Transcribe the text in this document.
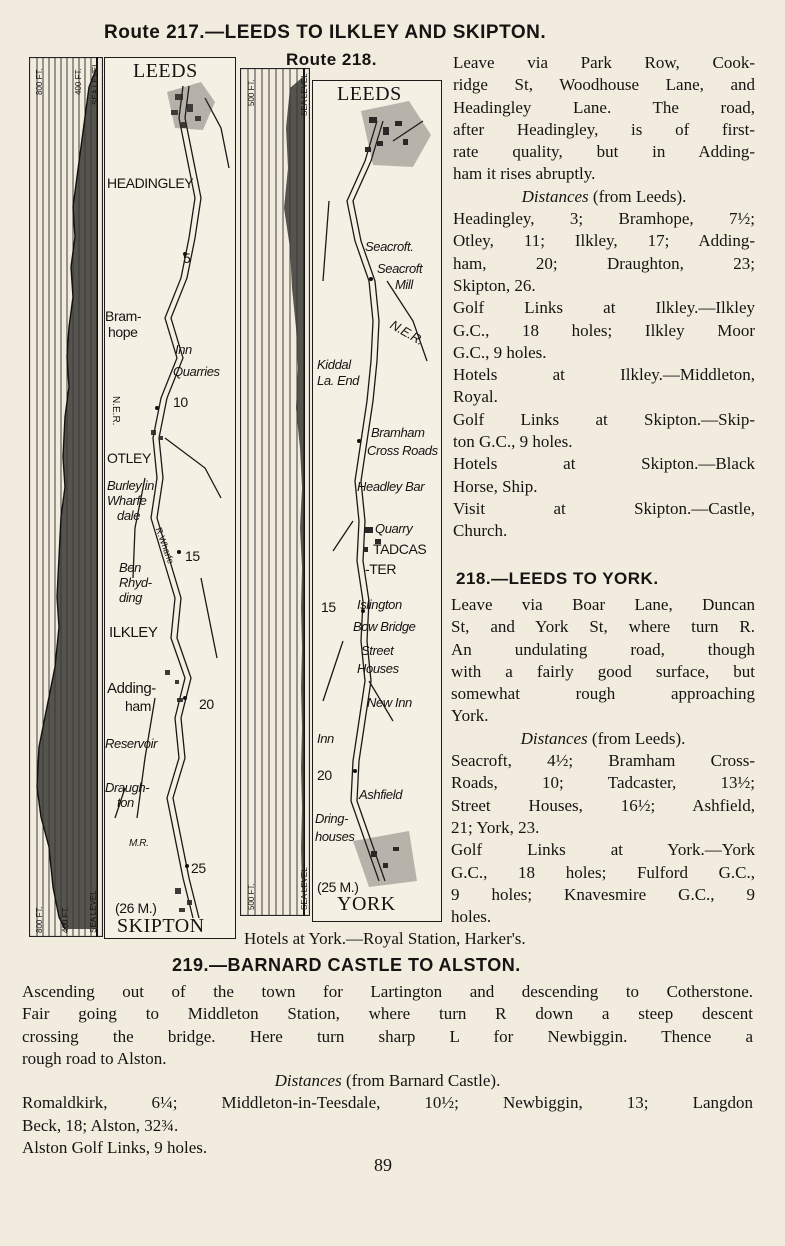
Route 217.—LEEDS TO ILKLEY AND SKIPTON.
Route 218.
800 FT.	400 FT. SEA LEVEL
800 FT. 400 FT. SEA LEVEL
LEEDS
HEADINGLEY
5
Bram-
hope
Inn
Quarries
N.E.R.	10
OTLEY
Burley in
Wharfe
dale
R.Wharfe 15
Ben
Rhyd-
ding
ILKLEY
Adding-
ham	20
Reservoir
Draugh-
ton
M.R.
25
(26 M.)
SKIPTON
500 FT.	SEA LEVEL
500 FT.	SEA LEVEL
LEEDS
Seacroft.
Seacroft
Mill
N.E.R.
Kiddal
La. End
Bramham
Cross Roads
Headley Bar
Quarry
TADCAS
-TER
15 Islington
Bow Bridge
Street
Houses
New Inn
Inn
20
Ashfield
Dring-
houses
(25 M.)
YORK
Leave via Park Row, Cook-
ridge St, Woodhouse Lane, and
Headingley Lane. The road,
after Headingley, is of first-
rate quality, but in Adding-
ham it rises abruptly.
Distances (from Leeds).
Headingley, 3; Bramhope, 7½;
Otley, 11; Ilkley, 17; Adding-
ham, 20; Draughton, 23;
Skipton, 26.
Golf Links at Ilkley.—Ilkley
G.C., 18 holes; Ilkley Moor
G.C., 9 holes.
Hotels at Ilkley.—Middleton,
Royal.
Golf Links at Skipton.—Skip-
ton G.C., 9 holes.
Hotels at Skipton.—Black
Horse, Ship.
Visit at Skipton.—Castle,
Church.
218.—LEEDS TO YORK.
Leave via Boar Lane, Duncan
St, and York St, where turn R.
An undulating road, though
with a fairly good surface, but
somewhat rough approaching
York.
Distances (from Leeds).
Seacroft, 4½; Bramham Cross-
Roads, 10; Tadcaster, 13½;
Street Houses, 16½; Ashfield,
21; York, 23.
Golf Links at York.—York
G.C., 18 holes; Fulford G.C.,
9 holes; Knavesmire G.C., 9
holes.
Hotels at York.—Royal Station, Harker's.
219.—BARNARD CASTLE TO ALSTON.
Ascending out of the town for Lartington and descending to Cotherstone.
Fair going to Middleton Station, where turn R down a steep descent
crossing the bridge. Here turn sharp L for Newbiggin. Thence a
rough road to Alston.
Distances (from Barnard Castle).
Romaldkirk, 6¼; Middleton-in-Teesdale, 10½; Newbiggin, 13; Langdon
Beck, 18; Alston, 32¾.
Alston Golf Links, 9 holes.
89
